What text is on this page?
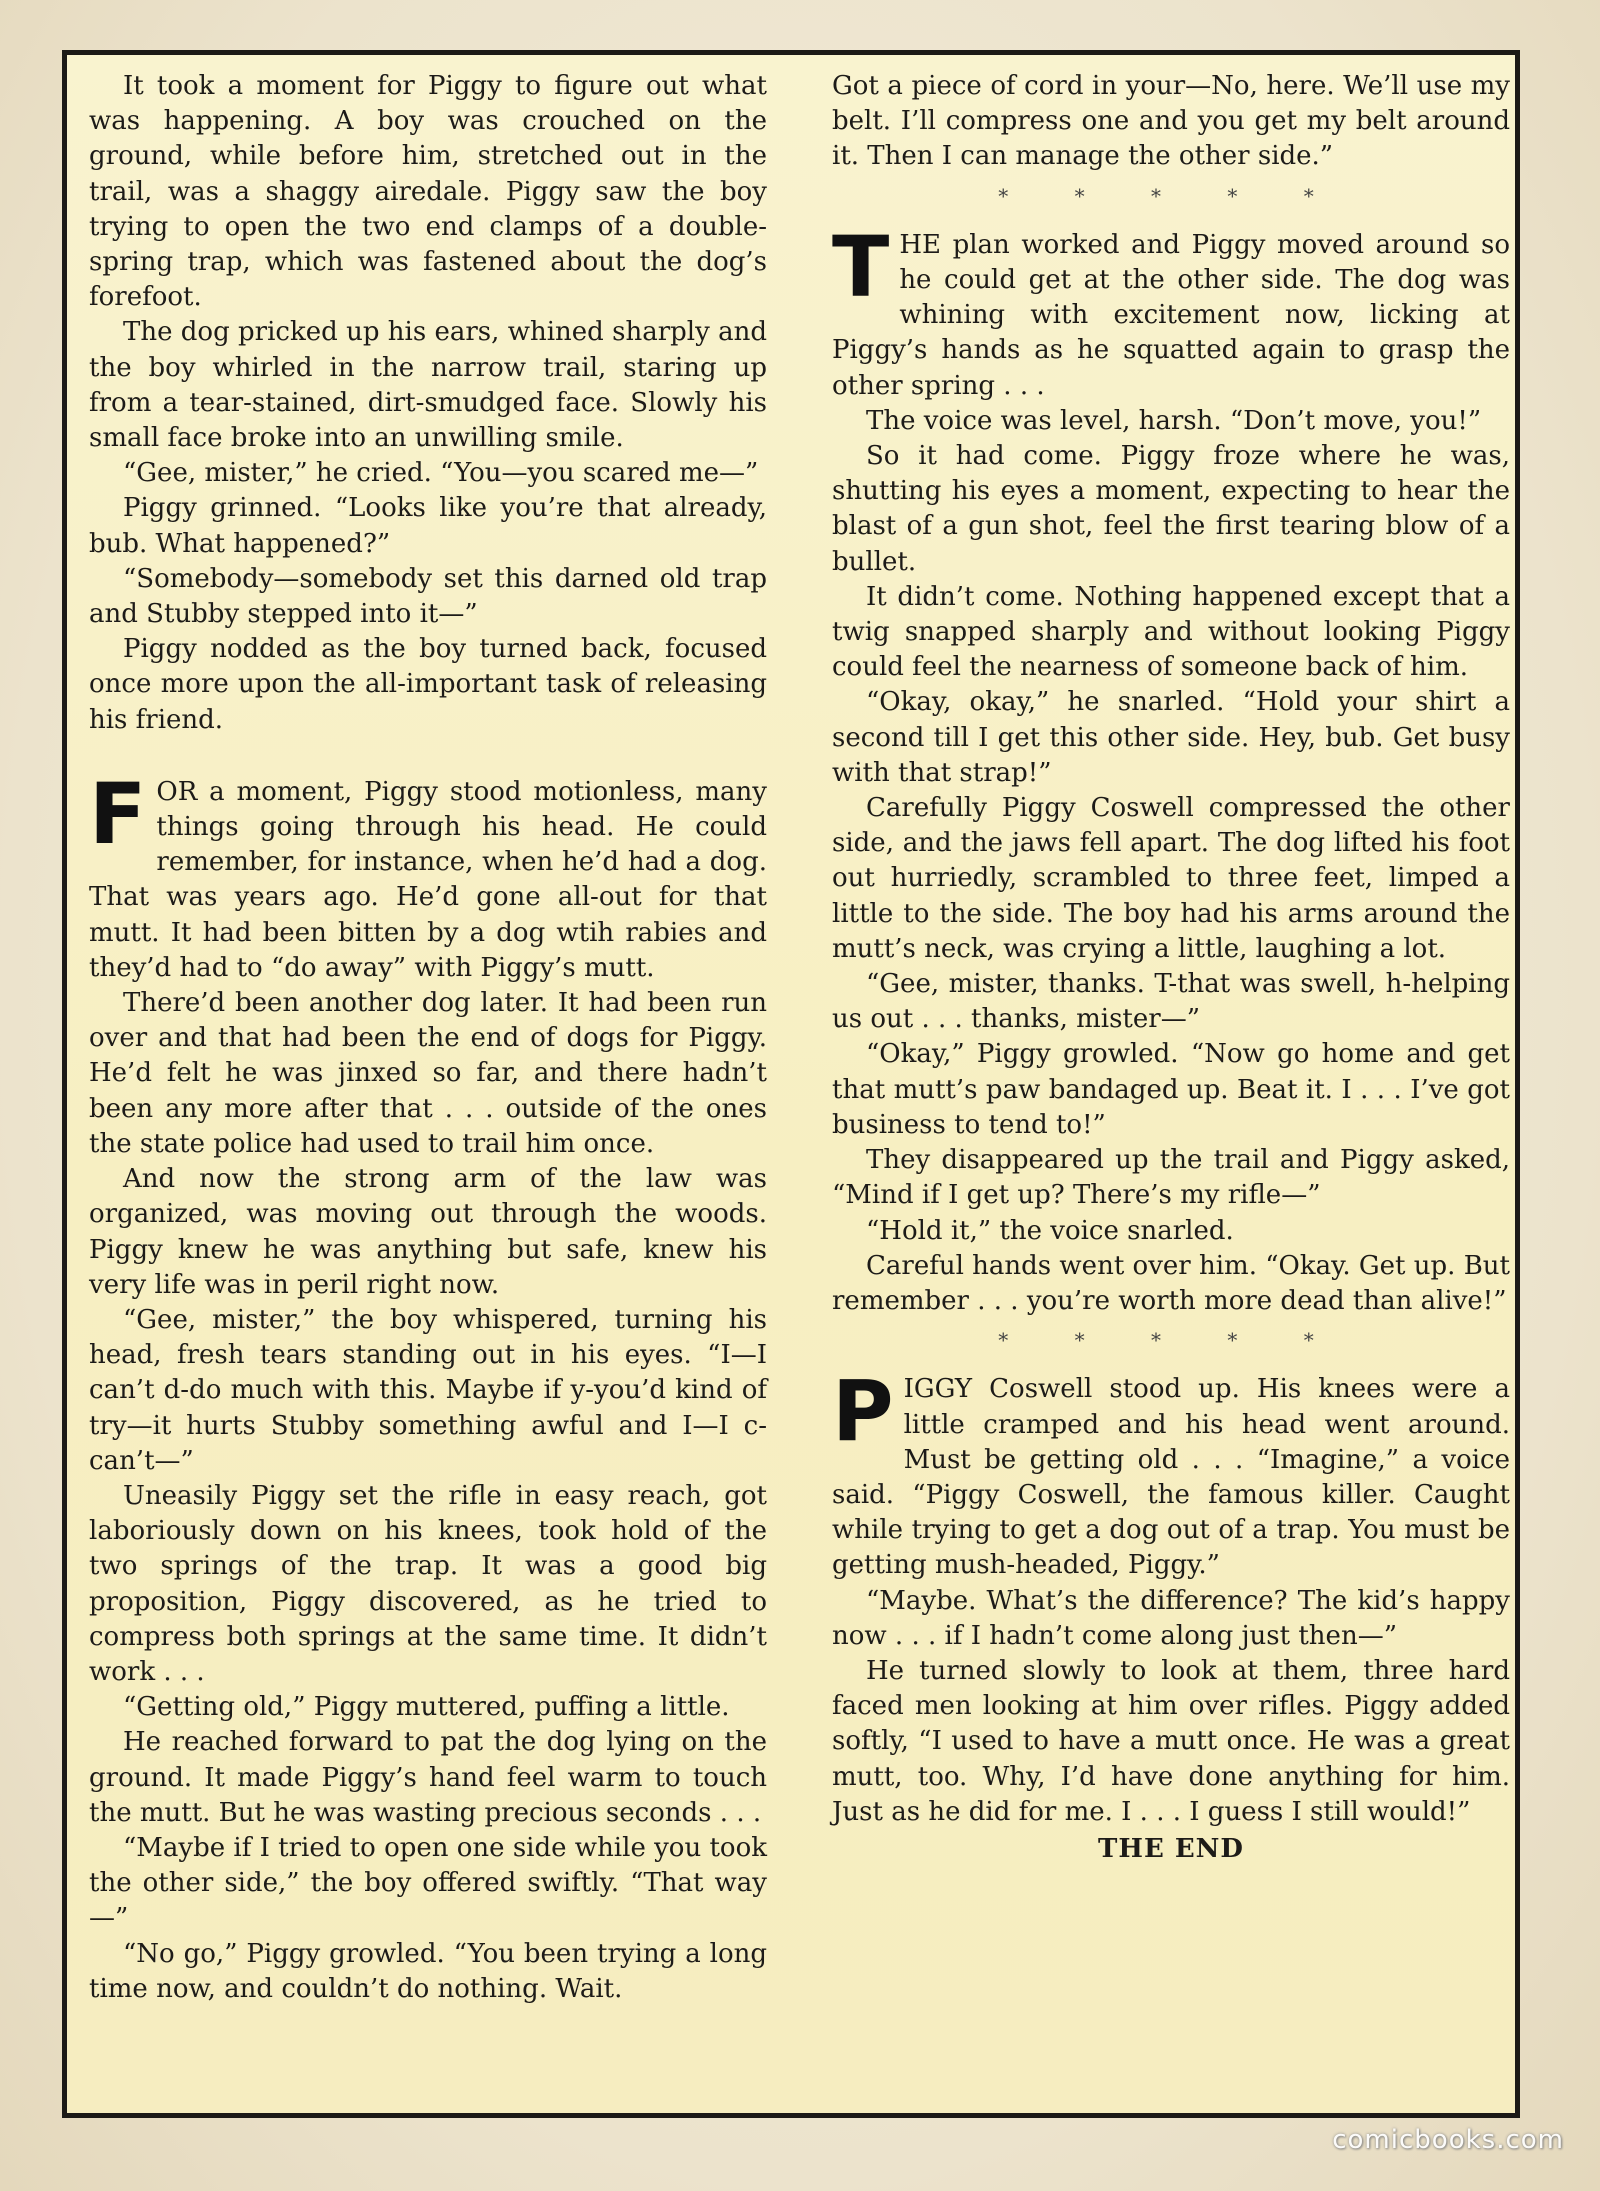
It took a moment for Piggy to figure out what was happening. A boy was crouched on the ground, while before him, stretched out in the trail, was a shaggy airedale. Piggy saw the boy trying to open the two end clamps of a double-spring trap, which was fastened about the dog’s forefoot.

The dog pricked up his ears, whined sharply and the boy whirled in the narrow trail, staring up from a tear-stained, dirt-smudged face. Slowly his small face broke into an unwilling smile.

“Gee, mister,” he cried. “You—you scared me—”

Piggy grinned. “Looks like you’re that already, bub. What happened?”

“Somebody—somebody set this darned old trap and Stubby stepped into it—”

Piggy nodded as the boy turned back, focused once more upon the all-important task of releasing his friend.

FOR a moment, Piggy stood motionless, many things going through his head. He could remember, for instance, when he’d had a dog. That was years ago. He’d gone all-out for that mutt. It had been bitten by a dog wtih rabies and they’d had to “do away” with Piggy’s mutt.

There’d been another dog later. It had been run over and that had been the end of dogs for Piggy. He’d felt he was jinxed so far, and there hadn’t been any more after that . . . outside of the ones the state police had used to trail him once.

And now the strong arm of the law was organized, was moving out through the woods. Piggy knew he was anything but safe, knew his very life was in peril right now.

“Gee, mister,” the boy whispered, turning his head, fresh tears standing out in his eyes. “I—I can’t d-do much with this. Maybe if y-you’d kind of try—it hurts Stubby something awful and I—I c-can’t—”

Uneasily Piggy set the rifle in easy reach, got laboriously down on his knees, took hold of the two springs of the trap. It was a good big proposition, Piggy discovered, as he tried to compress both springs at the same time. It didn’t work . . .

“Getting old,” Piggy muttered, puffing a little.

He reached forward to pat the dog lying on the ground. It made Piggy’s hand feel warm to touch the mutt. But he was wasting precious seconds . . .

“Maybe if I tried to open one side while you took the other side,” the boy offered swiftly. “That way—”

“No go,” Piggy growled. “You been trying a long time now, and couldn’t do nothing. Wait.

Got a piece of cord in your—No, here. We’ll use my belt. I’ll compress one and you get my belt around it. Then I can manage the other side.”

* * * * *

THE plan worked and Piggy moved around so he could get at the other side. The dog was whining with excitement now, licking at Piggy’s hands as he squatted again to grasp the other spring . . .

The voice was level, harsh. “Don’t move, you!”

So it had come. Piggy froze where he was, shutting his eyes a moment, expecting to hear the blast of a gun shot, feel the first tearing blow of a bullet.

It didn’t come. Nothing happened except that a twig snapped sharply and without looking Piggy could feel the nearness of someone back of him.

“Okay, okay,” he snarled. “Hold your shirt a second till I get this other side. Hey, bub. Get busy with that strap!”

Carefully Piggy Coswell compressed the other side, and the jaws fell apart. The dog lifted his foot out hurriedly, scrambled to three feet, limped a little to the side. The boy had his arms around the mutt’s neck, was crying a little, laughing a lot.

“Gee, mister, thanks. T-that was swell, h-helping us out . . . thanks, mister—”

“Okay,” Piggy growled. “Now go home and get that mutt’s paw bandaged up. Beat it. I . . . I’ve got business to tend to!”

They disappeared up the trail and Piggy asked, “Mind if I get up? There’s my rifle—”

“Hold it,” the voice snarled.

Careful hands went over him. “Okay. Get up. But remember . . . you’re worth more dead than alive!”

* * * * *

PIGGY Coswell stood up. His knees were a little cramped and his head went around. Must be getting old . . . “Imagine,” a voice said. “Piggy Coswell, the famous killer. Caught while trying to get a dog out of a trap. You must be getting mush-headed, Piggy.”

“Maybe. What’s the difference? The kid’s happy now . . . if I hadn’t come along just then—”

He turned slowly to look at them, three hard faced men looking at him over rifles. Piggy added softly, “I used to have a mutt once. He was a great mutt, too. Why, I’d have done anything for him. Just as he did for me. I . . . I guess I still would!”

THE END

comicbooks.com
